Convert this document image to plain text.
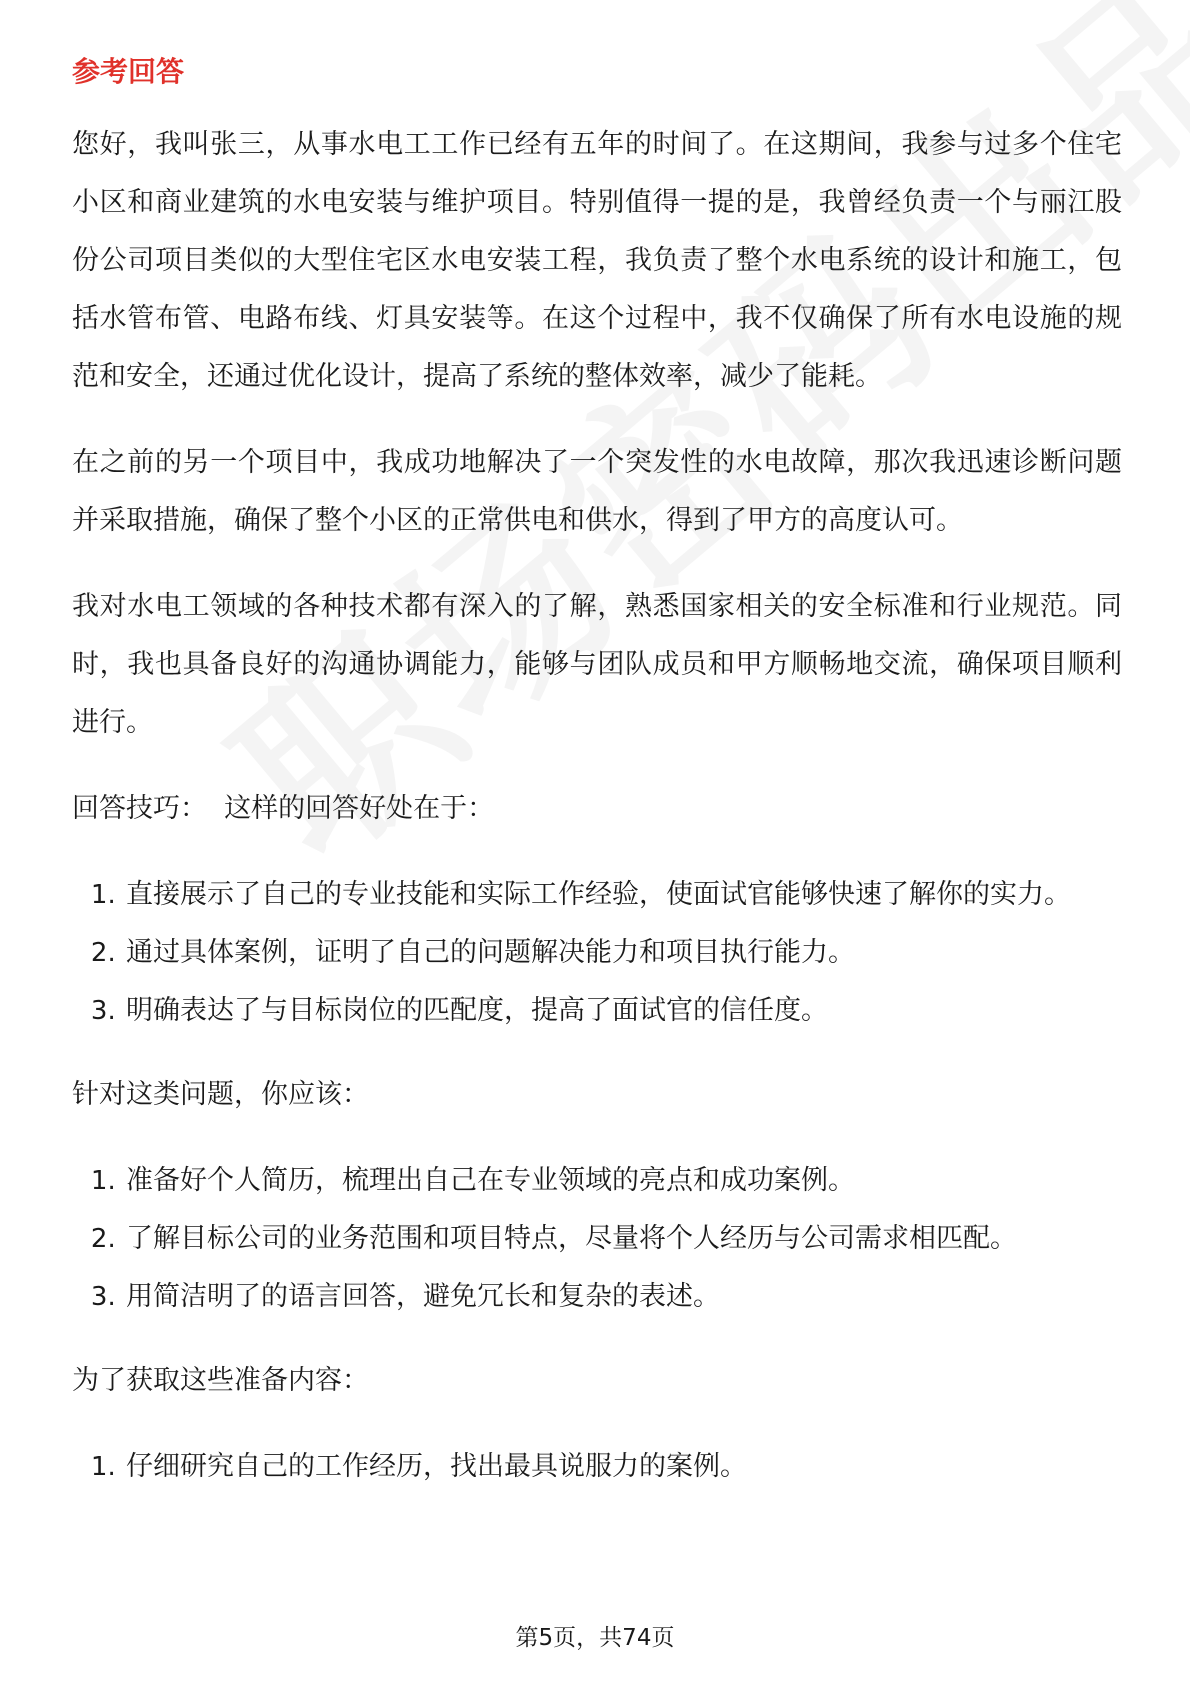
参考回答

您好，我叫张三，从事水电工工作已经有五年的时间了。在这期间，我参与过多个住宅小区和商业建筑的水电安装与维护项目。特别值得一提的是，我曾经负责一个与丽江股份公司项目类似的大型住宅区水电安装工程，我负责了整个水电系统的设计和施工，包括水管布管、电路布线、灯具安装等。在这个过程中，我不仅确保了所有水电设施的规范和安全，还通过优化设计，提高了系统的整体效率，减少了能耗。

在之前的另一个项目中，我成功地解决了一个突发性的水电故障，那次我迅速诊断问题并采取措施，确保了整个小区的正常供电和供水，得到了甲方的高度认可。

我对水电工领域的各种技术都有深入的了解，熟悉国家相关的安全标准和行业规范。同时，我也具备良好的沟通协调能力，能够与团队成员和甲方顺畅地交流，确保项目顺利进行。

回答技巧：  这样的回答好处在于：

1. 直接展示了自己的专业技能和实际工作经验，使面试官能够快速了解你的实力。
2. 通过具体案例，证明了自己的问题解决能力和项目执行能力。
3. 明确表达了与目标岗位的匹配度，提高了面试官的信任度。

针对这类问题，你应该：

1. 准备好个人简历，梳理出自己在专业领域的亮点和成功案例。
2. 了解目标公司的业务范围和项目特点，尽量将个人经历与公司需求相匹配。
3. 用简洁明了的语言回答，避免冗长和复杂的表述。

为了获取这些准备内容：

1. 仔细研究自己的工作经历，找出最具说服力的案例。
第5页，共74页
